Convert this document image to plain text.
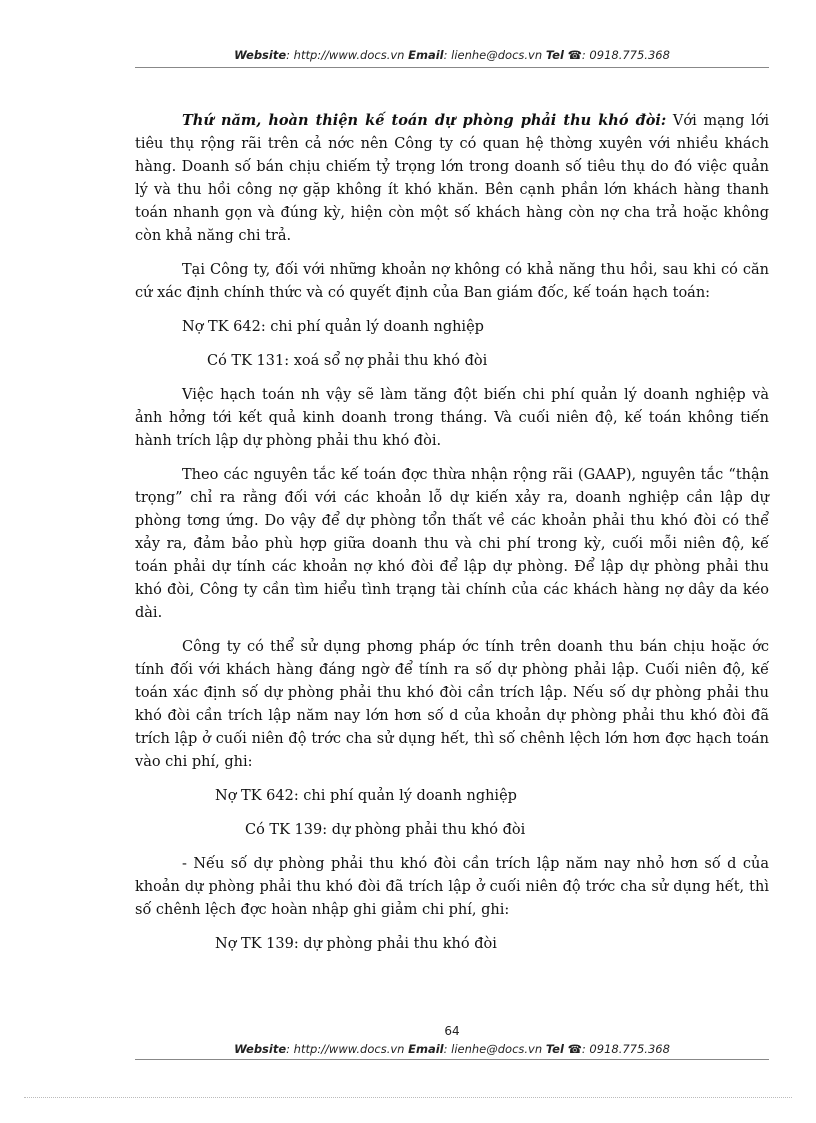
Website: http://www.docs.vn Email: lienhe@docs.vn Tel ☎: 0918.775.368

Thứ năm, hoàn thiện kế toán dự phòng phải thu khó đòi: Với mạng lới tiêu thụ rộng rãi trên cả nớc nên Công ty có quan hệ thờng xuyên với nhiều khách hàng. Doanh số bán chịu chiếm tỷ trọng lớn trong doanh số tiêu thụ do đó việc quản lý và thu hồi công nợ gặp không ít khó khăn. Bên cạnh phần lớn khách hàng thanh toán nhanh gọn và đúng kỳ, hiện còn một số khách hàng còn nợ cha trả hoặc không còn khả năng chi trả.

Tại Công ty, đối với những khoản nợ không có khả năng thu hồi, sau khi có căn cứ xác định chính thức và có quyết định của Ban giám đốc, kế toán hạch toán:

Nợ TK 642: chi phí quản lý doanh nghiệp

Có TK 131: xoá sổ nợ phải thu khó đòi

Việc hạch toán nh vậy sẽ làm tăng đột biến chi phí quản lý doanh nghiệp và ảnh hởng tới kết quả kinh doanh trong tháng. Và cuối niên độ, kế toán không tiến hành trích lập dự phòng phải thu khó đòi.

Theo các nguyên tắc kế toán đợc thừa nhận rộng rãi (GAAP), nguyên tắc “thận trọng” chỉ ra rằng đối với các khoản lỗ dự kiến xảy ra, doanh nghiệp cần lập dự phòng tơng ứng. Do vậy để dự phòng tổn thất về các khoản phải thu khó đòi có thể xảy ra, đảm bảo phù hợp giữa doanh thu và chi phí trong kỳ, cuối mỗi niên độ, kế toán phải dự tính các khoản nợ khó đòi để lập dự phòng. Để lập dự phòng phải thu khó đòi, Công ty cần tìm hiểu tình trạng tài chính của các khách hàng nợ dây da kéo dài.

Công ty có thể sử dụng phơng pháp ớc tính trên doanh thu bán chịu hoặc ớc tính đối với khách hàng đáng ngờ để tính ra số dự phòng phải lập. Cuối niên độ, kế toán xác định số dự phòng phải thu khó đòi cần trích lập. Nếu số dự phòng phải thu khó đòi cần trích lập năm nay lớn hơn số d của khoản dự phòng phải thu khó đòi đã trích lập ở cuối niên độ trớc cha sử dụng hết, thì số chênh lệch lớn hơn đợc hạch toán vào chi phí, ghi:

Nợ TK 642: chi phí quản lý doanh nghiệp

Có TK 139: dự phòng phải thu khó đòi

- Nếu số dự phòng phải thu khó đòi cần trích lập năm nay nhỏ hơn số d của khoản dự phòng phải thu khó đòi đã trích lập ở cuối niên độ trớc cha sử dụng hết, thì số chênh lệch đợc hoàn nhập ghi giảm chi phí, ghi:

Nợ TK 139: dự phòng phải thu khó đòi

64
Website: http://www.docs.vn Email: lienhe@docs.vn Tel ☎: 0918.775.368
